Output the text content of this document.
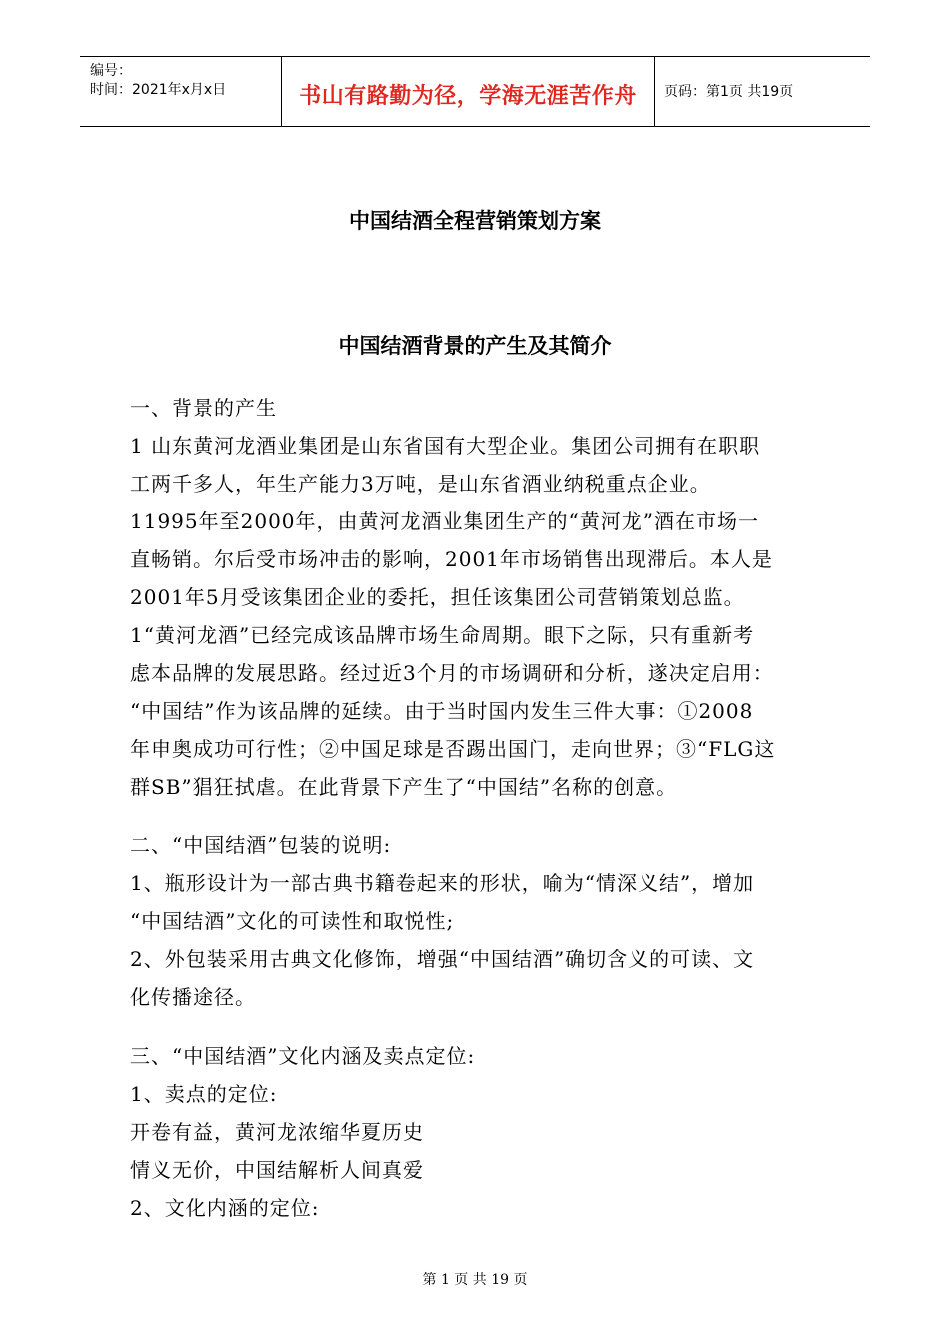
编号：
时间：2021年x月x日	书山有路勤为径，学海无涯苦作舟	页码：第1页 共19页
中国结酒全程营销策划方案
中国结酒背景的产生及其简介
一、背景的产生
1 山东黄河龙酒业集团是山东省国有大型企业。集团公司拥有在职职
工两千多人，年生产能力3万吨，是山东省酒业纳税重点企业。
11995年至2000年，由黄河龙酒业集团生产的“黄河龙”酒在市场一
直畅销。尔后受市场冲击的影响，2001年市场销售出现滞后。本人是
2001年5月受该集团企业的委托，担任该集团公司营销策划总监。
1“黄河龙酒”已经完成该品牌市场生命周期。眼下之际，只有重新考
虑本品牌的发展思路。经过近3个月的市场调研和分析，遂决定启用：
“中国结”作为该品牌的延续。由于当时国内发生三件大事：①2008
年申奥成功可行性；②中国足球是否踢出国门，走向世界；③“FLG这
群SB”猖狂拭虐。在此背景下产生了“中国结”名称的创意。
二、“中国结酒”包装的说明:
1、瓶形设计为一部古典书籍卷起来的形状，喻为“情深义结”，增加
“中国结酒”文化的可读性和取悦性;
2、外包装采用古典文化修饰，增强“中国结酒”确切含义的可读、文
化传播途径。
三、“中国结酒”文化内涵及卖点定位:
1、卖点的定位:
开卷有益，黄河龙浓缩华夏历史
情义无价，中国结解析人间真爱
2、文化内涵的定位:
第 1 页 共 19 页
